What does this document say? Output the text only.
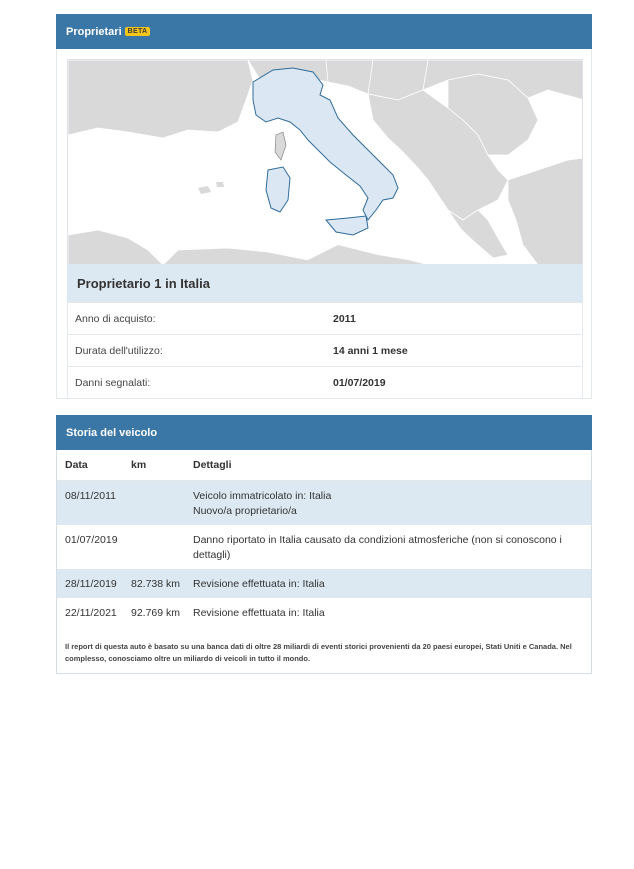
Proprietari BETA
Proprietario 1 in Italia
Anno di acquisto:	2011
Durata dell'utilizzo:	14 anni 1 mese
Danni segnalati:	01/07/2019
Storia del veicolo
Data	km	Dettagli
08/11/2011		Veicolo immatricolato in: Italia
Nuovo/a proprietario/a

01/07/2019		Danno riportato in Italia causato da condizioni atmosferiche (non si conoscono i dettagli)

28/11/2019	82.738 km	Revisione effettuata in: Italia

22/11/2021	92.769 km	Revisione effettuata in: Italia
Il report di questa auto è basato su una banca dati di oltre 28 miliardi di eventi storici provenienti da 20 paesi europei, Stati Uniti e Canada. Nel complesso, conosciamo oltre un miliardo di veicoli in tutto il mondo.
